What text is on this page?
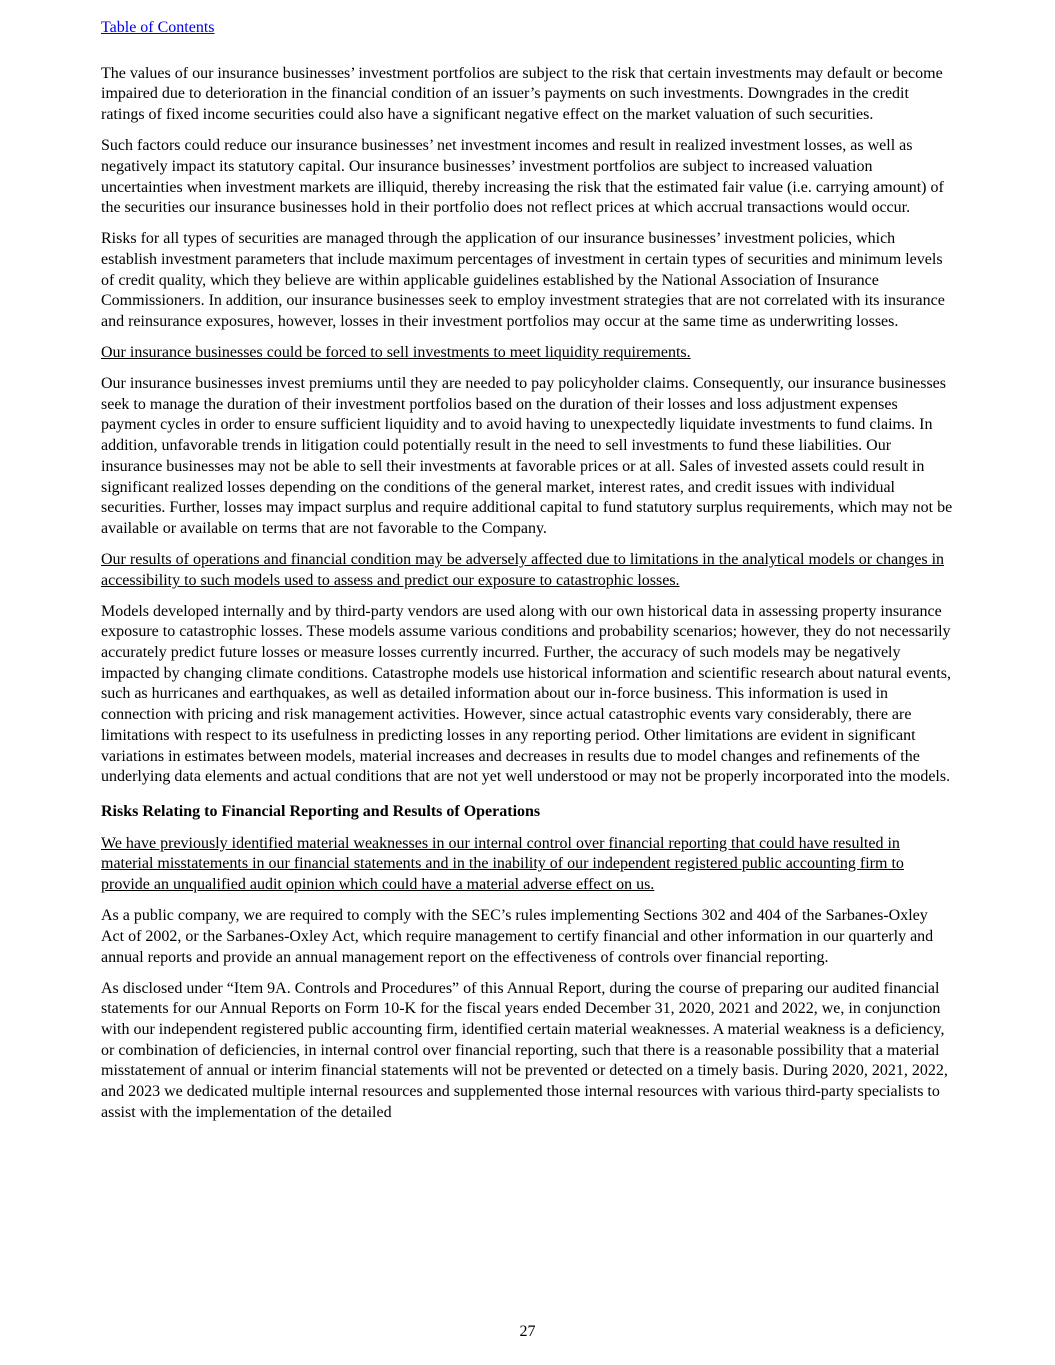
Table of Contents

The values of our insurance businesses’ investment portfolios are subject to the risk that certain investments may default or become impaired due to deterioration in the financial condition of an issuer’s payments on such investments. Downgrades in the credit ratings of fixed income securities could also have a significant negative effect on the market valuation of such securities.

Such factors could reduce our insurance businesses’ net investment incomes and result in realized investment losses, as well as negatively impact its statutory capital. Our insurance businesses’ investment portfolios are subject to increased valuation uncertainties when investment markets are illiquid, thereby increasing the risk that the estimated fair value (i.e. carrying amount) of the securities our insurance businesses hold in their portfolio does not reflect prices at which accrual transactions would occur.

Risks for all types of securities are managed through the application of our insurance businesses’ investment policies, which establish investment parameters that include maximum percentages of investment in certain types of securities and minimum levels of credit quality, which they believe are within applicable guidelines established by the National Association of Insurance Commissioners. In addition, our insurance businesses seek to employ investment strategies that are not correlated with its insurance and reinsurance exposures, however, losses in their investment portfolios may occur at the same time as underwriting losses.

Our insurance businesses could be forced to sell investments to meet liquidity requirements.

Our insurance businesses invest premiums until they are needed to pay policyholder claims. Consequently, our insurance businesses seek to manage the duration of their investment portfolios based on the duration of their losses and loss adjustment expenses payment cycles in order to ensure sufficient liquidity and to avoid having to unexpectedly liquidate investments to fund claims. In addition, unfavorable trends in litigation could potentially result in the need to sell investments to fund these liabilities. Our insurance businesses may not be able to sell their investments at favorable prices or at all. Sales of invested assets could result in significant realized losses depending on the conditions of the general market, interest rates, and credit issues with individual securities. Further, losses may impact surplus and require additional capital to fund statutory surplus requirements, which may not be available or available on terms that are not favorable to the Company.

Our results of operations and financial condition may be adversely affected due to limitations in the analytical models or changes in accessibility to such models used to assess and predict our exposure to catastrophic losses.

Models developed internally and by third-party vendors are used along with our own historical data in assessing property insurance exposure to catastrophic losses. These models assume various conditions and probability scenarios; however, they do not necessarily accurately predict future losses or measure losses currently incurred. Further, the accuracy of such models may be negatively impacted by changing climate conditions. Catastrophe models use historical information and scientific research about natural events, such as hurricanes and earthquakes, as well as detailed information about our in-force business. This information is used in connection with pricing and risk management activities. However, since actual catastrophic events vary considerably, there are limitations with respect to its usefulness in predicting losses in any reporting period. Other limitations are evident in significant variations in estimates between models, material increases and decreases in results due to model changes and refinements of the underlying data elements and actual conditions that are not yet well understood or may not be properly incorporated into the models.

Risks Relating to Financial Reporting and Results of Operations

We have previously identified material weaknesses in our internal control over financial reporting that could have resulted in material misstatements in our financial statements and in the inability of our independent registered public accounting firm to provide an unqualified audit opinion which could have a material adverse effect on us.

As a public company, we are required to comply with the SEC’s rules implementing Sections 302 and 404 of the Sarbanes-Oxley Act of 2002, or the Sarbanes-Oxley Act, which require management to certify financial and other information in our quarterly and annual reports and provide an annual management report on the effectiveness of controls over financial reporting.

As disclosed under “Item 9A. Controls and Procedures” of this Annual Report, during the course of preparing our audited financial statements for our Annual Reports on Form 10-K for the fiscal years ended December 31, 2020, 2021 and 2022, we, in conjunction with our independent registered public accounting firm, identified certain material weaknesses. A material weakness is a deficiency, or combination of deficiencies, in internal control over financial reporting, such that there is a reasonable possibility that a material misstatement of annual or interim financial statements will not be prevented or detected on a timely basis. During 2020, 2021, 2022, and 2023 we dedicated multiple internal resources and supplemented those internal resources with various third-party specialists to assist with the implementation of the detailed

27
